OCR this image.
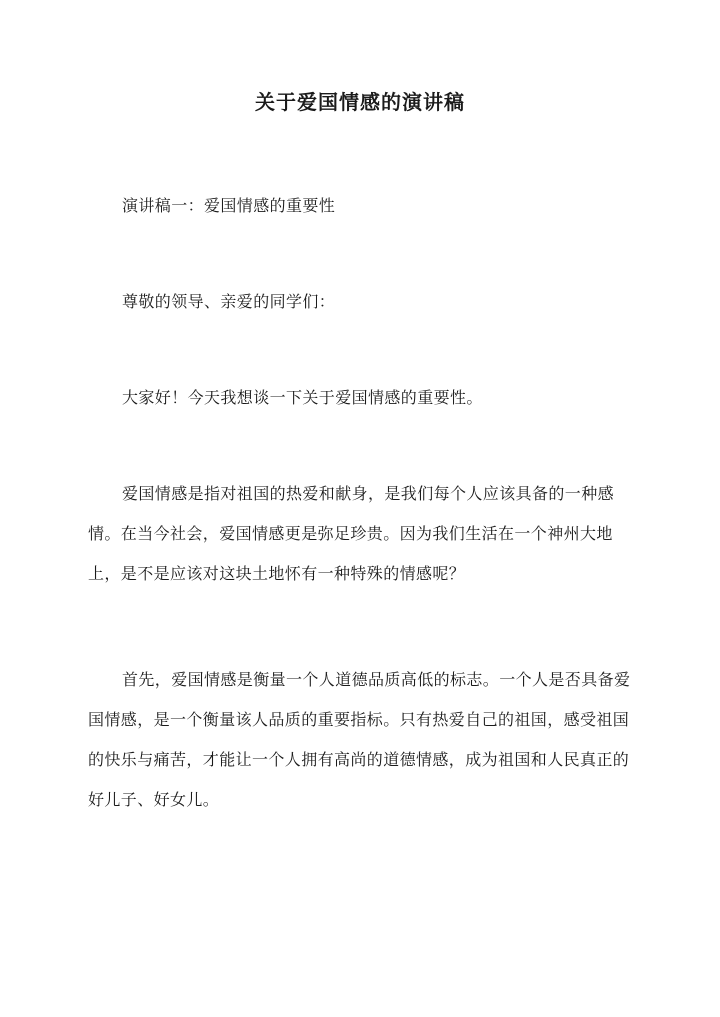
关于爱国情感的演讲稿

演讲稿一：爱国情感的重要性

尊敬的领导、亲爱的同学们：

大家好！今天我想谈一下关于爱国情感的重要性。

爱国情感是指对祖国的热爱和献身，是我们每个人应该具备的一种感情。在当今社会，爱国情感更是弥足珍贵。因为我们生活在一个神州大地上，是不是应该对这块土地怀有一种特殊的情感呢？

首先，爱国情感是衡量一个人道德品质高低的标志。一个人是否具备爱国情感，是一个衡量该人品质的重要指标。只有热爱自己的祖国，感受祖国的快乐与痛苦，才能让一个人拥有高尚的道德情感，成为祖国和人民真正的好儿子、好女儿。
